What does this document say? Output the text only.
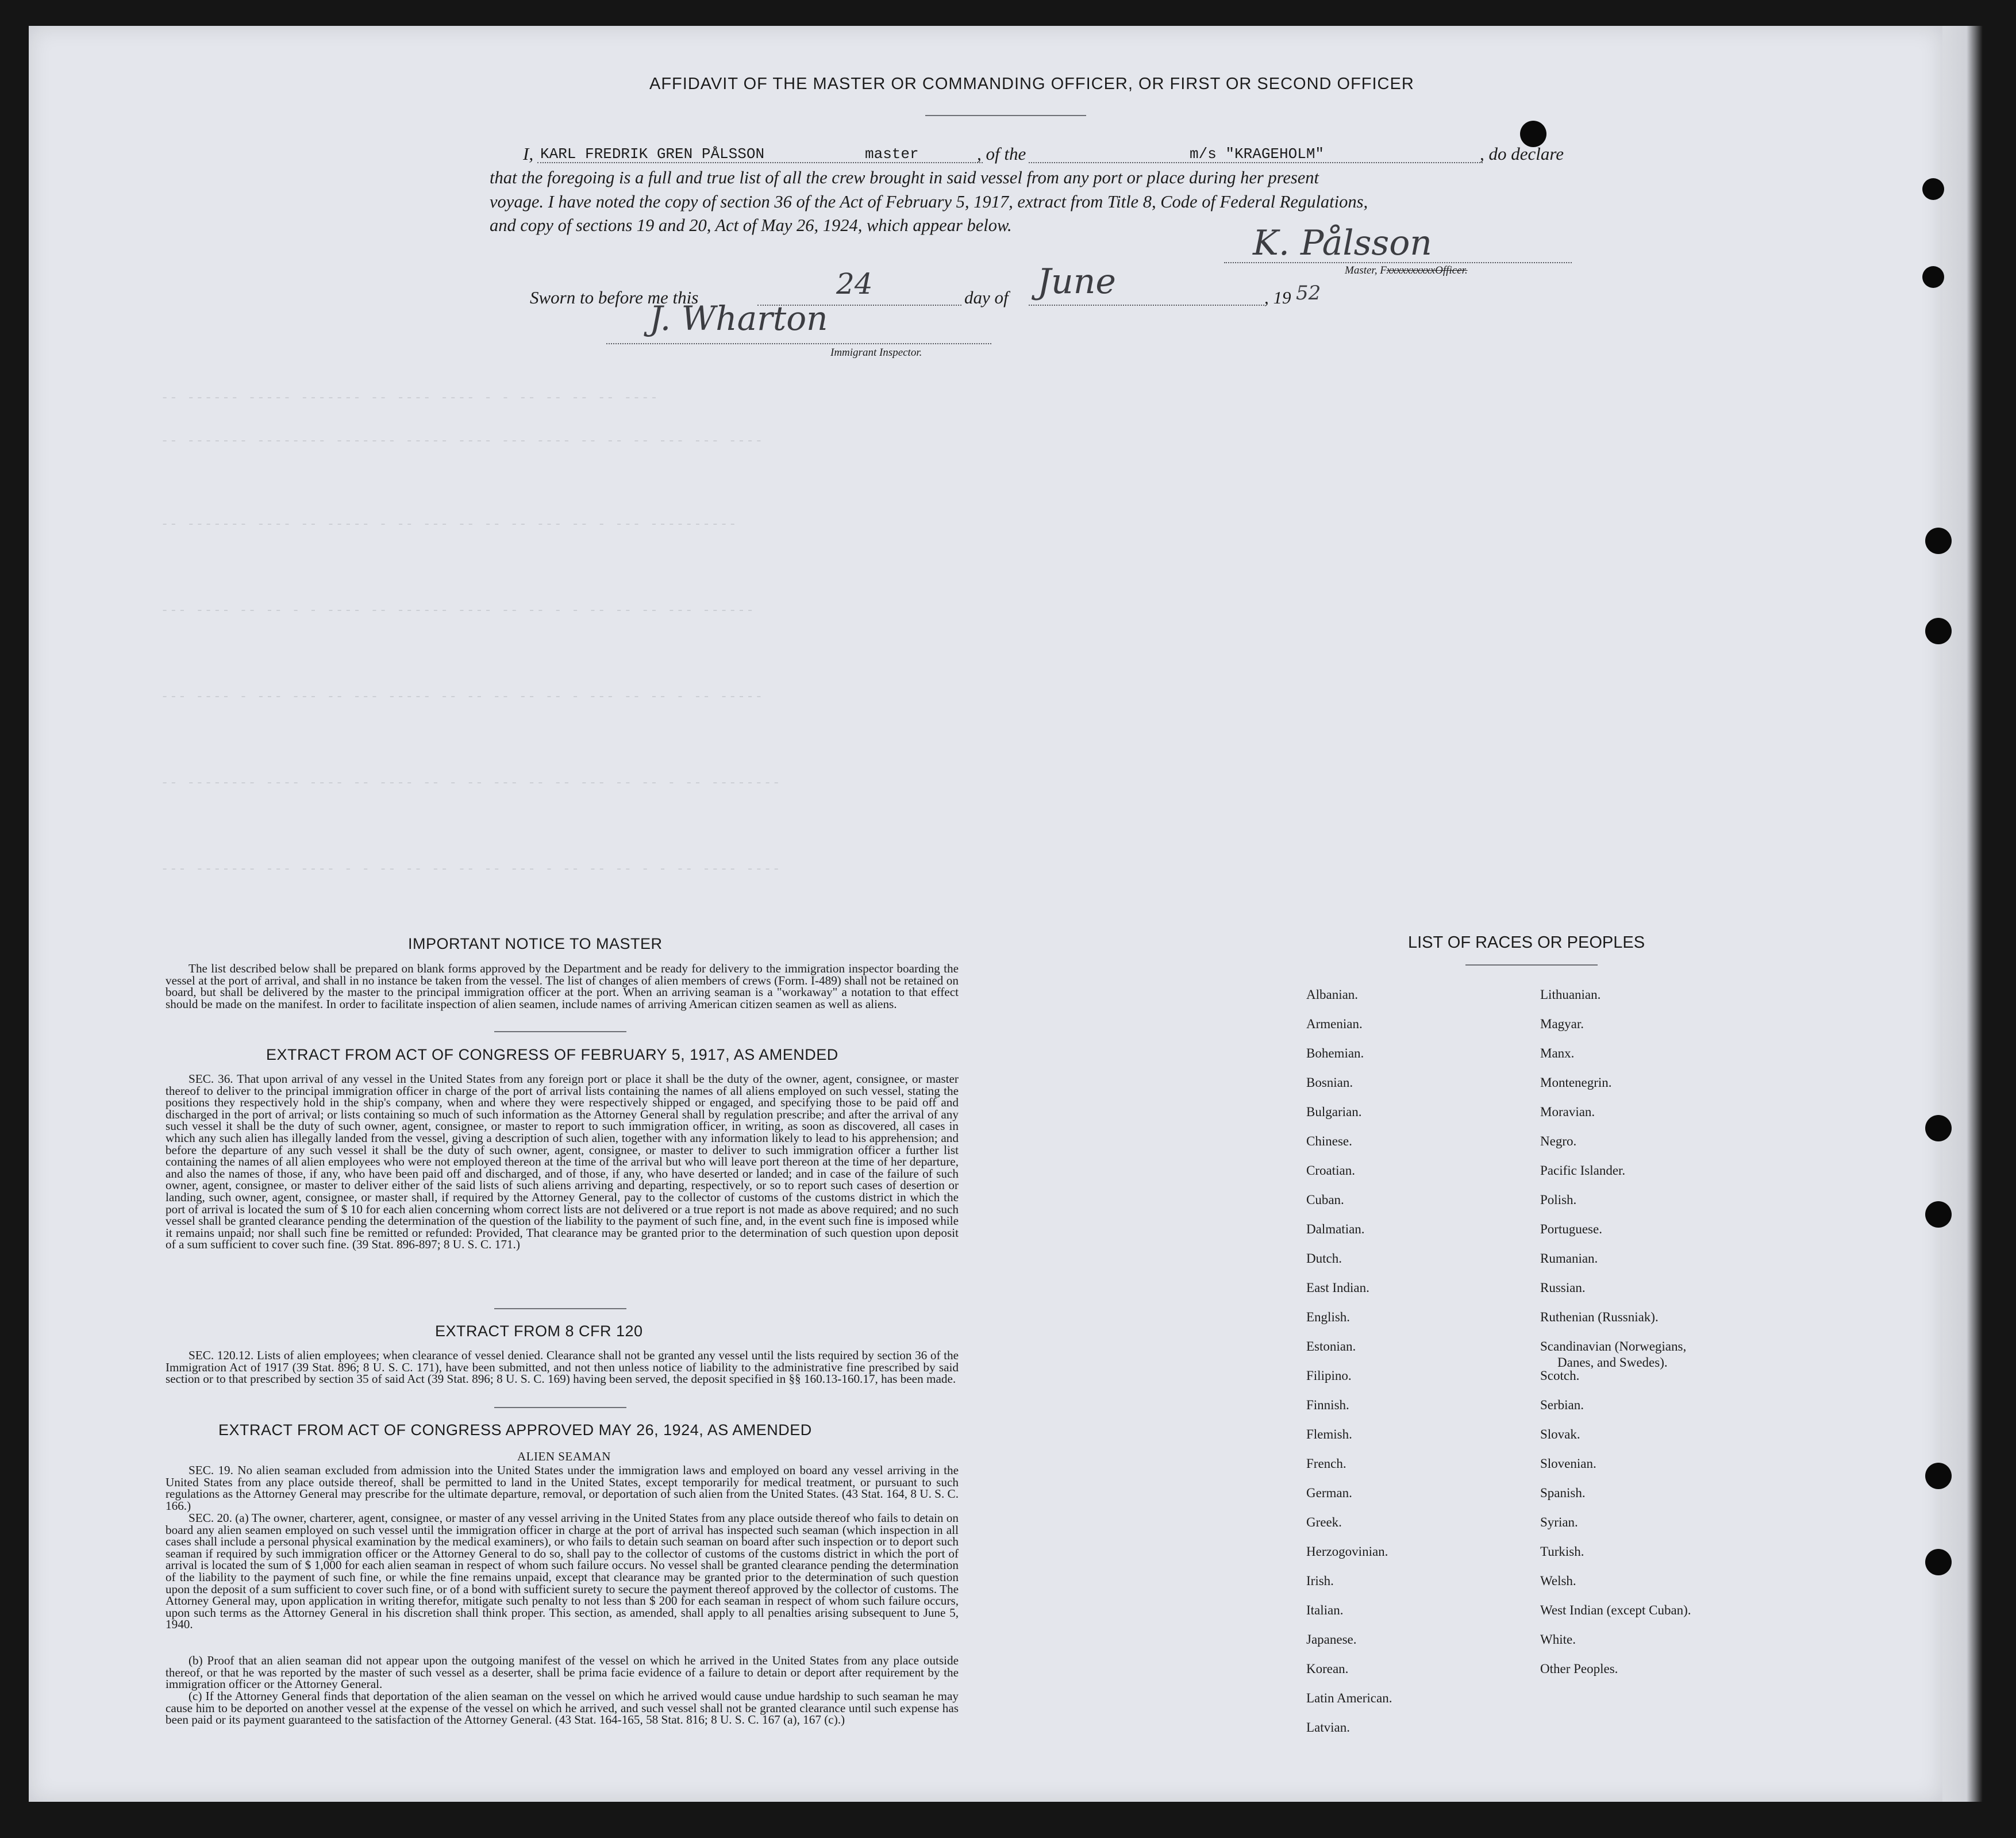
-- ------ ----- ------- -- ---- ---- - - -- -- -- -- ----
-- ------- -------- ------- ----- ---- --- ---- -- -- -- --- --- ----
-- ------- ---- -- ----- - -- --- -- -- -- --- -- - --- ----------
--- ---- -- -- - - ---- -- ------ ---- -- -- - - -- -- -- --- ------
--- ---- - --- --- -- --- ----- -- -- -- -- -- - --- -- -- - -- -----
-- -------- ---- ---- -- ---- -- - -- --- -- -- --- -- -- - -- --------
--- ------- --- ---- - - -- -- -- -- -- --- - -- -- -- - - -- ---- ----
AFFIDAVIT OF THE MASTER OR COMMANDING OFFICER, OR FIRST OR SECOND OFFICER
I, KARL FREDRIK GREN PÅLSSON	master	, of the	m/s "KRAGEHOLM"	, do declare
that the foregoing is a full and true list of all the crew brought in said vessel from any port or place during her present
voyage. I have noted the copy of section 36 of the Act of February 5, 1917, extract from Title 8, Code of Federal Regulations,
and copy of sections 19 and 20, Act of May 26, 1924, which appear below.	K. Pålsson
Master, FxxxxxxxxxxOfficer.
Sworn to before me this	24	day of June	, 19 52
J. Wharton
Immigrant Inspector.
IMPORTANT NOTICE TO MASTER
The list described below shall be prepared on blank forms approved by the Department and be ready for delivery to the immigration inspector boarding the vessel at the port of arrival, and shall in no instance be taken from the vessel. The list of changes of alien members of crews (Form. I-489) shall not be retained on board, but shall be delivered by the master to the principal immigration officer at the port. When an arriving seaman is a "workaway" a notation to that effect should be made on the manifest. In order to facilitate inspection of alien seamen, include names of arriving American citizen seamen as well as aliens.
EXTRACT FROM ACT OF CONGRESS OF FEBRUARY 5, 1917, AS AMENDED
SEC. 36. That upon arrival of any vessel in the United States from any foreign port or place it shall be the duty of the owner, agent, consignee, or master thereof to deliver to the principal immigration officer in charge of the port of arrival lists containing the names of all aliens employed on such vessel, stating the positions they respectively hold in the ship's company, when and where they were respectively shipped or engaged, and specifying those to be paid off and discharged in the port of arrival; or lists containing so much of such information as the Attorney General shall by regulation prescribe; and after the arrival of any such vessel it shall be the duty of such owner, agent, consignee, or master to report to such immigration officer, in writing, as soon as discovered, all cases in which any such alien has illegally landed from the vessel, giving a description of such alien, together with any information likely to lead to his apprehension; and before the departure of any such vessel it shall be the duty of such owner, agent, consignee, or master to deliver to such immigration officer a further list containing the names of all alien employees who were not employed thereon at the time of the arrival but who will leave port thereon at the time of her departure, and also the names of those, if any, who have been paid off and discharged, and of those, if any, who have deserted or landed; and in case of the failure of such owner, agent, consignee, or master to deliver either of the said lists of such aliens arriving and departing, respectively, or so to report such cases of desertion or landing, such owner, agent, consignee, or master shall, if required by the Attorney General, pay to the collector of customs of the customs district in which the port of arrival is located the sum of $ 10 for each alien concerning whom correct lists are not delivered or a true report is not made as above required; and no such vessel shall be granted clearance pending the determination of the question of the liability to the payment of such fine, and, in the event such fine is imposed while it remains unpaid; nor shall such fine be remitted or refunded: Provided, That clearance may be granted prior to the determination of such question upon deposit of a sum sufficient to cover such fine. (39 Stat. 896-897; 8 U. S. C. 171.)
EXTRACT FROM 8 CFR 120
SEC. 120.12. Lists of alien employees; when clearance of vessel denied. Clearance shall not be granted any vessel until the lists required by section 36 of the Immigration Act of 1917 (39 Stat. 896; 8 U. S. C. 171), have been submitted, and not then unless notice of liability to the administrative fine prescribed by said section or to that prescribed by section 35 of said Act (39 Stat. 896; 8 U. S. C. 169) having been served, the deposit specified in §§ 160.13-160.17, has been made.
EXTRACT FROM ACT OF CONGRESS APPROVED MAY 26, 1924, AS AMENDED
ALIEN SEAMAN
SEC. 19. No alien seaman excluded from admission into the United States under the immigration laws and employed on board any vessel arriving in the United States from any place outside thereof, shall be permitted to land in the United States, except temporarily for medical treatment, or pursuant to such regulations as the Attorney General may prescribe for the ultimate departure, removal, or deportation of such alien from the United States. (43 Stat. 164, 8 U. S. C. 166.)
SEC. 20. (a) The owner, charterer, agent, consignee, or master of any vessel arriving in the United States from any place outside thereof who fails to detain on board any alien seamen employed on such vessel until the immigration officer in charge at the port of arrival has inspected such seaman (which inspection in all cases shall include a personal physical examination by the medical examiners), or who fails to detain such seaman on board after such inspection or to deport such seaman if required by such immigration officer or the Attorney General to do so, shall pay to the collector of customs of the customs district in which the port of arrival is located the sum of $ 1,000 for each alien seaman in respect of whom such failure occurs. No vessel shall be granted clearance pending the determination of the liability to the payment of such fine, or while the fine remains unpaid, except that clearance may be granted prior to the determination of such question upon the deposit of a sum sufficient to cover such fine, or of a bond with sufficient surety to secure the payment thereof approved by the collector of customs. The Attorney General may, upon application in writing therefor, mitigate such penalty to not less than $ 200 for each seaman in respect of whom such failure occurs, upon such terms as the Attorney General in his discretion shall think proper. This section, as amended, shall apply to all penalties arising subsequent to June 5, 1940.
(b) Proof that an alien seaman did not appear upon the outgoing manifest of the vessel on which he arrived in the United States from any place outside thereof, or that he was reported by the master of such vessel as a deserter, shall be prima facie evidence of a failure to detain or deport after requirement by the immigration officer or the Attorney General.
(c) If the Attorney General finds that deportation of the alien seaman on the vessel on which he arrived would cause undue hardship to such seaman he may cause him to be deported on another vessel at the expense of the vessel on which he arrived, and such vessel shall not be granted clearance until such expense has been paid or its payment guaranteed to the satisfaction of the Attorney General. (43 Stat. 164-165, 58 Stat. 816; 8 U. S. C. 167 (a), 167 (c).)
LIST OF RACES OR PEOPLES
Albanian.
Armenian.
Bohemian.
Bosnian.
Bulgarian.
Chinese.
Croatian.
Cuban.
Dalmatian.
Dutch.
East Indian.
English.
Estonian.
Filipino.
Finnish.
Flemish.
French.
German.
Greek.
Herzogovinian.
Irish.
Italian.
Japanese.
Korean.
Latin American.
Latvian.
Lithuanian.
Magyar.
Manx.
Montenegrin.
Moravian.
Negro.
Pacific Islander.
Polish.
Portuguese.
Rumanian.
Russian.
Ruthenian (Russniak).
Scandinavian (Norwegians,
Danes, and Swedes).
Scotch.
Serbian.
Slovak.
Slovenian.
Spanish.
Syrian.
Turkish.
Welsh.
West Indian (except Cuban).
White.
Other Peoples.
